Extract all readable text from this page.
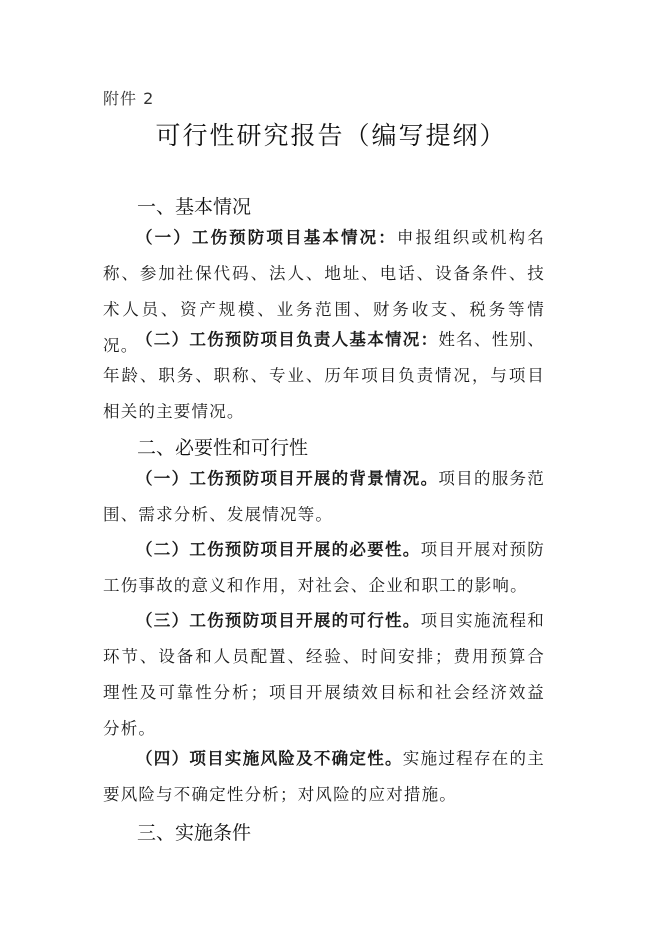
附件 2
可行性研究报告（编写提纲）
一、基本情况

（一）工伤预防项目基本情况：申报组织或机构名称、参加社保代码、法人、地址、电话、设备条件、技术人员、资产规模、业务范围、财务收支、税务等情况。

（二）工伤预防项目负责人基本情况：姓名、性别、年龄、职务、职称、专业、历年项目负责情况，与项目相关的主要情况。

二、必要性和可行性

（一）工伤预防项目开展的背景情况。项目的服务范围、需求分析、发展情况等。

（二）工伤预防项目开展的必要性。项目开展对预防工伤事故的意义和作用，对社会、企业和职工的影响。

（三）工伤预防项目开展的可行性。项目实施流程和环节、设备和人员配置、经验、时间安排；费用预算合理性及可靠性分析；项目开展绩效目标和社会经济效益分析。

（四）项目实施风险及不确定性。实施过程存在的主要风险与不确定性分析；对风险的应对措施。

三、实施条件
